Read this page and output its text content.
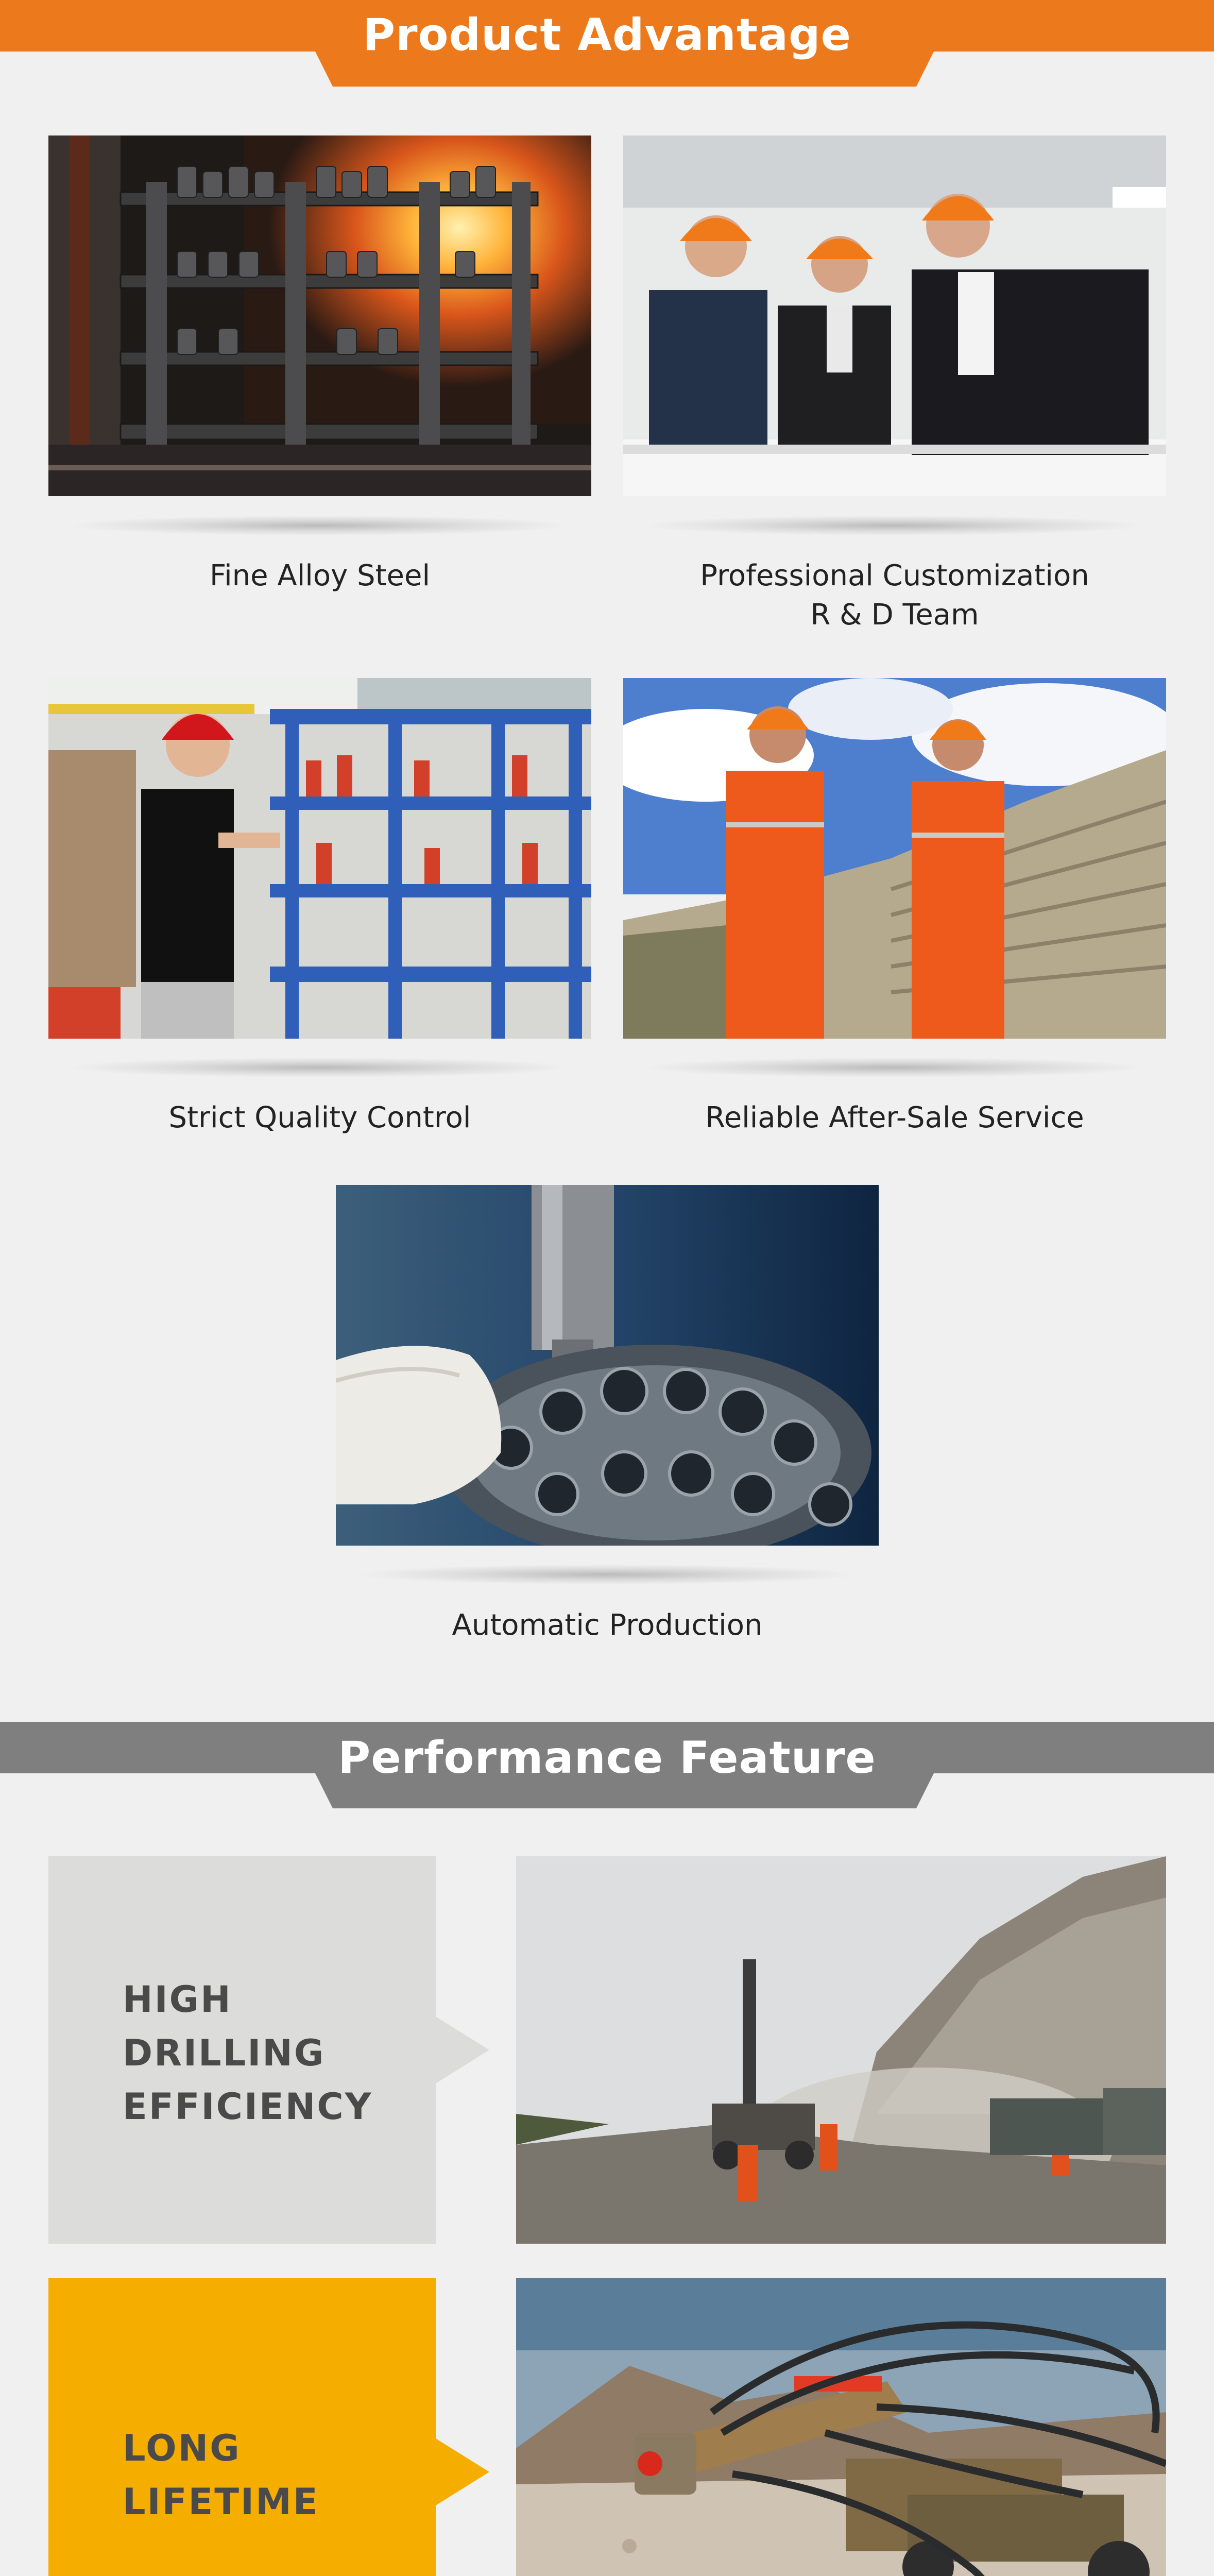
Product Advantage
Fine Alloy Steel	Professional Customization
R & D Team
Strict Quality Control	Reliable After-Sale Service
Automatic Production
Performance Feature
HIGH
DRILLING
EFFICIENCY
LONG
LIFETIME
